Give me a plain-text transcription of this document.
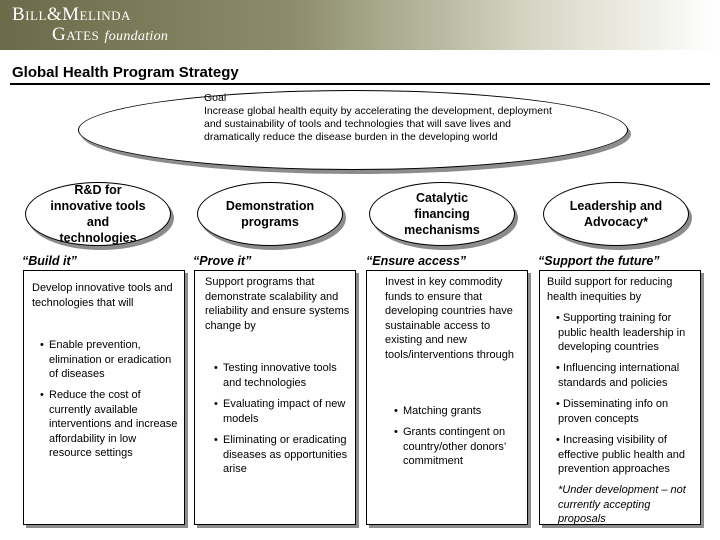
Bill&Melinda
Gates foundation
Global Health Program Strategy
Goal
Increase global health equity by accelerating the development, deployment and sustainability of tools and technologies that will save lives and dramatically reduce the disease burden in the developing world
R&D for innovative tools and technologies
“Build it”
Develop innovative tools and technologies that will
• Enable prevention, elimination or eradication of diseases
• Reduce the cost of currently available interventions and increase affordability in low resource settings
Demonstration programs
“Prove it”
Support programs that demonstrate scalability and reliability and ensure systems change by
• Testing innovative tools and technologies
• Evaluating impact of new models
• Eliminating or eradicating diseases as opportunities arise
Catalytic financing mechanisms
“Ensure access”
Invest in key commodity funds to ensure that developing countries have sustainable access to existing and new tools/interventions through
• Matching grants
• Grants contingent on country/other donors’ commitment
Leadership and Advocacy*
“Support the future”
Build support for reducing health inequities by
• Supporting training for public health leadership in developing countries
• Influencing international standards and policies
• Disseminating info on proven concepts
• Increasing visibility of effective public health and prevention approaches
*Under development – not currently accepting proposals
